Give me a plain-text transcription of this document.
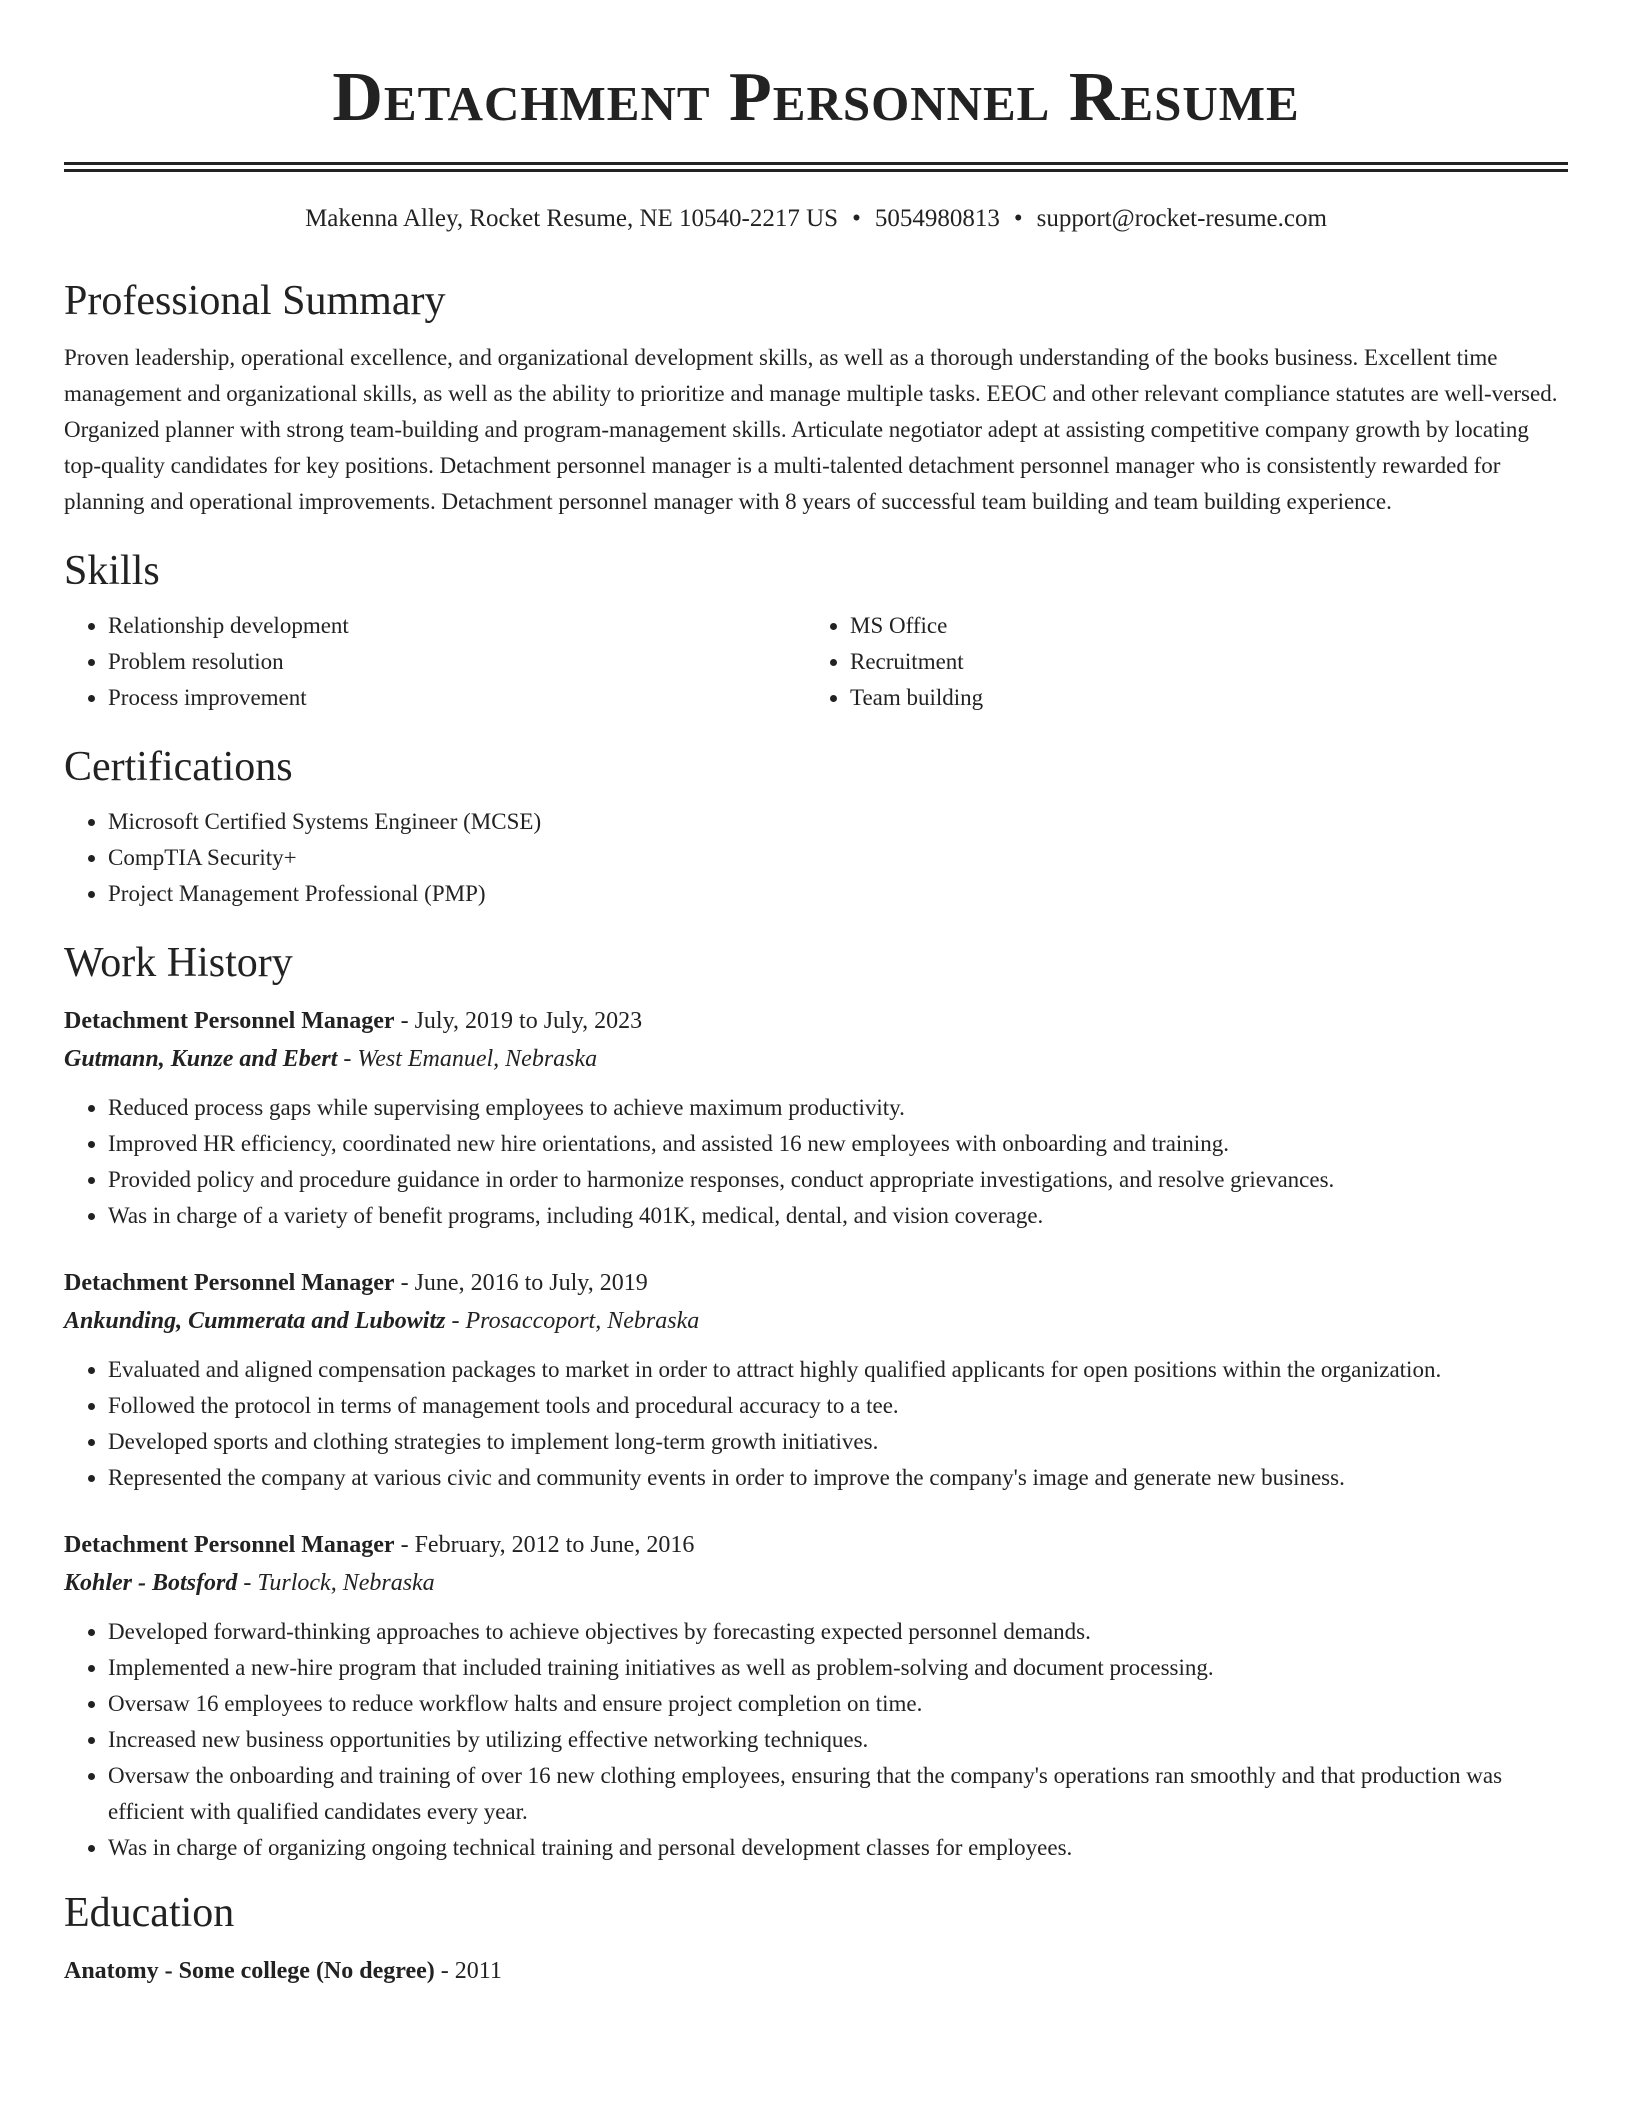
Detachment Personnel Resume
Makenna Alley, Rocket Resume, NE 10540-2217 US • 5054980813 • support@rocket-resume.com
Professional Summary
Proven leadership, operational excellence, and organizational development skills, as well as a thorough understanding of the books business. Excellent time management and organizational skills, as well as the ability to prioritize and manage multiple tasks. EEOC and other relevant compliance statutes are well-versed. Organized planner with strong team-building and program-management skills. Articulate negotiator adept at assisting competitive company growth by locating top-quality candidates for key positions. Detachment personnel manager is a multi-talented detachment personnel manager who is consistently rewarded for planning and operational improvements. Detachment personnel manager with 8 years of successful team building and team building experience.
Skills
• Relationship development
• Problem resolution
• Process improvement
• MS Office
• Recruitment
• Team building
Certifications
• Microsoft Certified Systems Engineer (MCSE)
• CompTIA Security+
• Project Management Professional (PMP)
Work History
Detachment Personnel Manager - July, 2019 to July, 2023
Gutmann, Kunze and Ebert - West Emanuel, Nebraska
• Reduced process gaps while supervising employees to achieve maximum productivity.
• Improved HR efficiency, coordinated new hire orientations, and assisted 16 new employees with onboarding and training.
• Provided policy and procedure guidance in order to harmonize responses, conduct appropriate investigations, and resolve grievances.
• Was in charge of a variety of benefit programs, including 401K, medical, dental, and vision coverage.
Detachment Personnel Manager - June, 2016 to July, 2019
Ankunding, Cummerata and Lubowitz - Prosaccoport, Nebraska
• Evaluated and aligned compensation packages to market in order to attract highly qualified applicants for open positions within the organization.
• Followed the protocol in terms of management tools and procedural accuracy to a tee.
• Developed sports and clothing strategies to implement long-term growth initiatives.
• Represented the company at various civic and community events in order to improve the company's image and generate new business.
Detachment Personnel Manager - February, 2012 to June, 2016
Kohler - Botsford - Turlock, Nebraska
• Developed forward-thinking approaches to achieve objectives by forecasting expected personnel demands.
• Implemented a new-hire program that included training initiatives as well as problem-solving and document processing.
• Oversaw 16 employees to reduce workflow halts and ensure project completion on time.
• Increased new business opportunities by utilizing effective networking techniques.
• Oversaw the onboarding and training of over 16 new clothing employees, ensuring that the company's operations ran smoothly and that production was efficient with qualified candidates every year.
• Was in charge of organizing ongoing technical training and personal development classes for employees.
Education
Anatomy - Some college (No degree) - 2011
